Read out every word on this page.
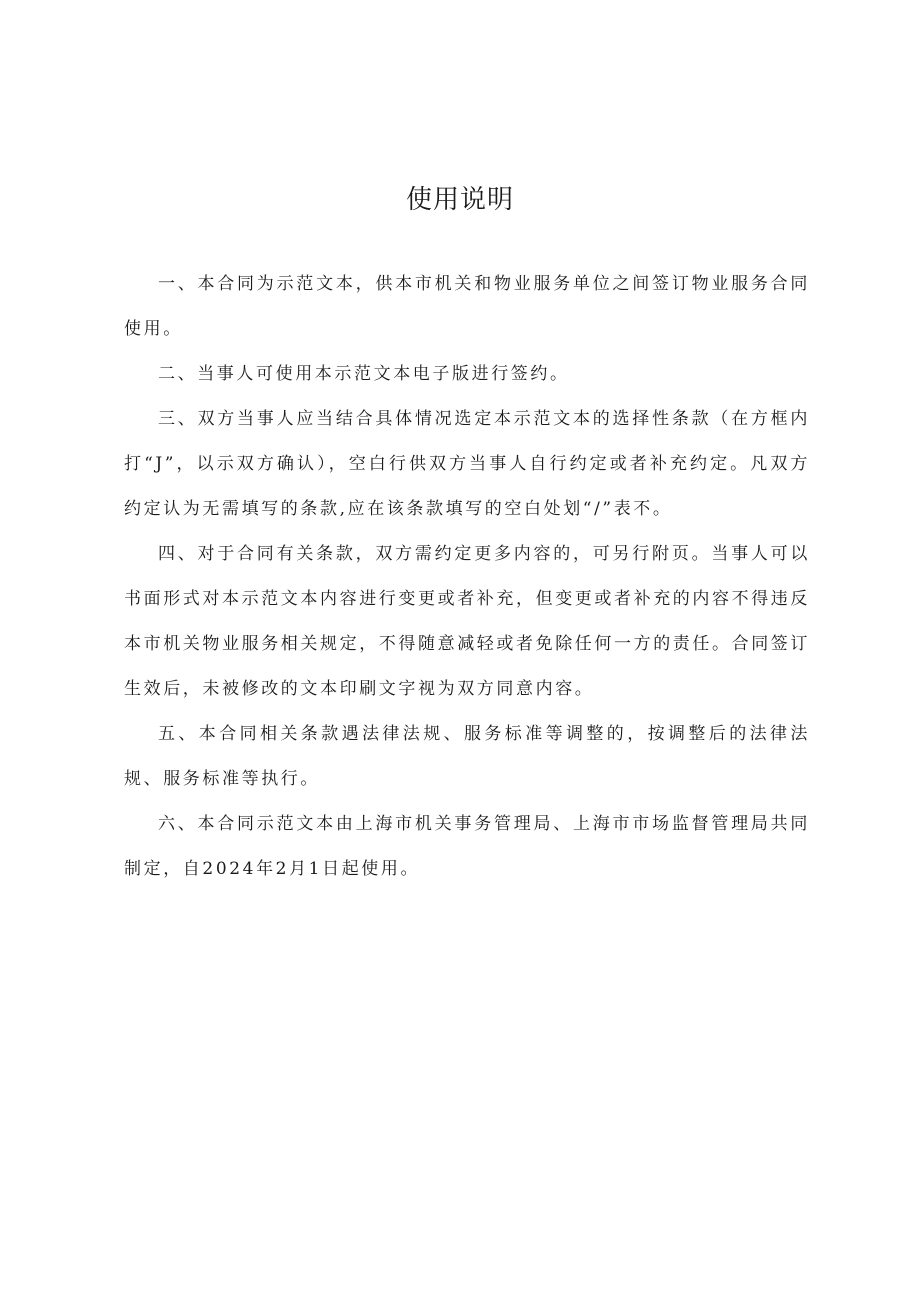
使用说明

一、本合同为示范文本，供本市机关和物业服务单位之间签订物业服务合同使用。

二、当事人可使用本示范文本电子版进行签约。

三、双方当事人应当结合具体情况选定本示范文本的选择性条款（在方框内打“J”，以示双方确认），空白行供双方当事人自行约定或者补充约定。凡双方约定认为无需填写的条款,应在该条款填写的空白处划“/”表不。

四、对于合同有关条款，双方需约定更多内容的，可另行附页。当事人可以书面形式对本示范文本内容进行变更或者补充，但变更或者补充的内容不得违反本市机关物业服务相关规定，不得随意减轻或者免除任何一方的责任。合同签订生效后，未被修改的文本印刷文字视为双方同意内容。

五、本合同相关条款遇法律法规、服务标准等调整的，按调整后的法律法规、服务标准等执行。

六、本合同示范文本由上海市机关事务管理局、上海市市场监督管理局共同制定，自2024年2月1日起使用。
